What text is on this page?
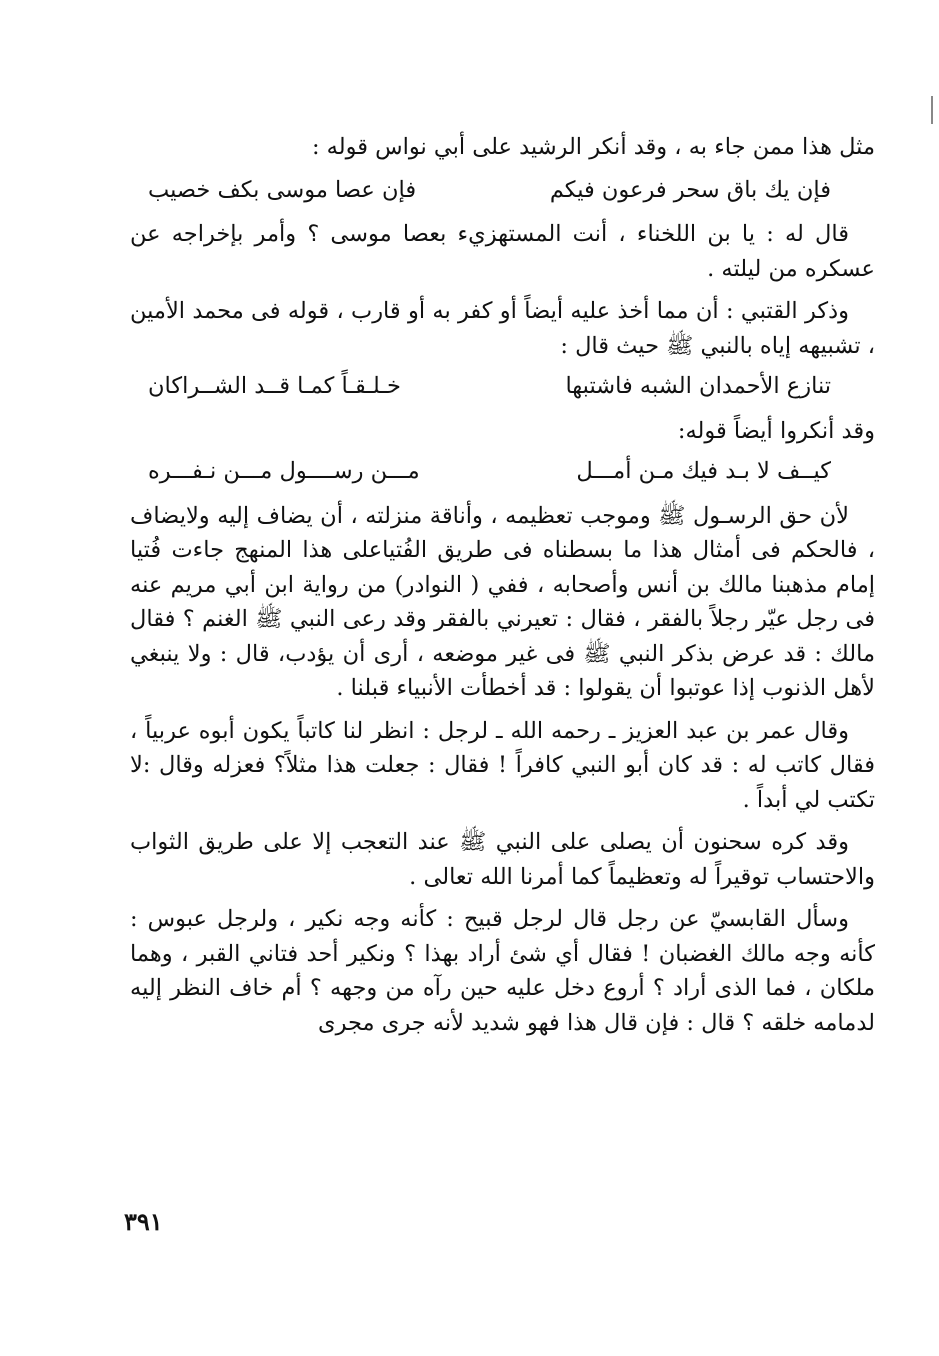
مثل هذا ممن جاء به ، وقد أنكر الرشيد على أبي نواس قوله :

فإن يك باق سحر فرعون فيكم
فإن عصا موسى بكف خصيب

قال له : يا بن اللخناء ، أنت المستهزيء بعصا موسى ؟ وأمر بإخراجه عن عسكره من ليلته .

وذكر القتبي : أن مما أخذ عليه أيضاً أو كفر به أو قارب ، قوله فى محمد الأمين ، تشبيهه إياه بالنبي ﷺ حيث قال :

تنازع الأحمدان الشبه فاشتبها
خـلـقـاً كمـا قــد الشــراكان

وقد أنكروا أيضاً قوله:

كيــف لا بـد فيك مـن أمـــل
مـــن رســــول مـــن نـفـــره

لأن حق الرسـول ﷺ وموجب تعظيمه ، وأناقة منزلته ، أن يضاف إليه ولايضاف ، فالحكم فى أمثال هذا ما بسطناه فى طريق الفُتياعلى هذا المنهج جاءت فُتيا إمام مذهبنا مالك بن أنس وأصحابه ، ففي ( النوادر) من رواية ابن أبي مريم عنه فى رجل عيّر رجلاً بالفقر ، فقال : تعيرني بالفقر وقد رعى النبي ﷺ الغنم ؟ فقال مالك : قد عرض بذكر النبي ﷺ فى غير موضعه ، أرى أن يؤدب، قال : ولا ينبغي لأهل الذنوب إذا عوتبوا أن يقولوا : قد أخطأت الأنبياء قبلنا .

وقال عمر بن عبد العزيز ـ رحمه الله ـ لرجل : انظر لنا كاتباً يكون أبوه عربياً ، فقال كاتب له : قد كان أبو النبي كافراً ! فقال : جعلت هذا مثلاً؟ فعزله وقال :لا تكتب لي أبداً .

وقد كره سحنون أن يصلى على النبي ﷺ عند التعجب إلا على طريق الثواب والاحتساب توقيراً له وتعظيماً كما أمرنا الله تعالى .

وسأل القابسيّ عن رجل قال لرجل قبيح : كأنه وجه نكير ، ولرجل عبوس : كأنه وجه مالك الغضبان ! فقال أي شئ أراد بهذا ؟ ونكير أحد فتاني القبر ، وهما ملكان ، فما الذى أراد ؟ أروع دخل عليه حين رآه من وجهه ؟ أم خاف النظر إليه لدمامه خلقه ؟ قال : فإن قال هذا فهو شديد لأنه جرى مجرى

٣٩١
